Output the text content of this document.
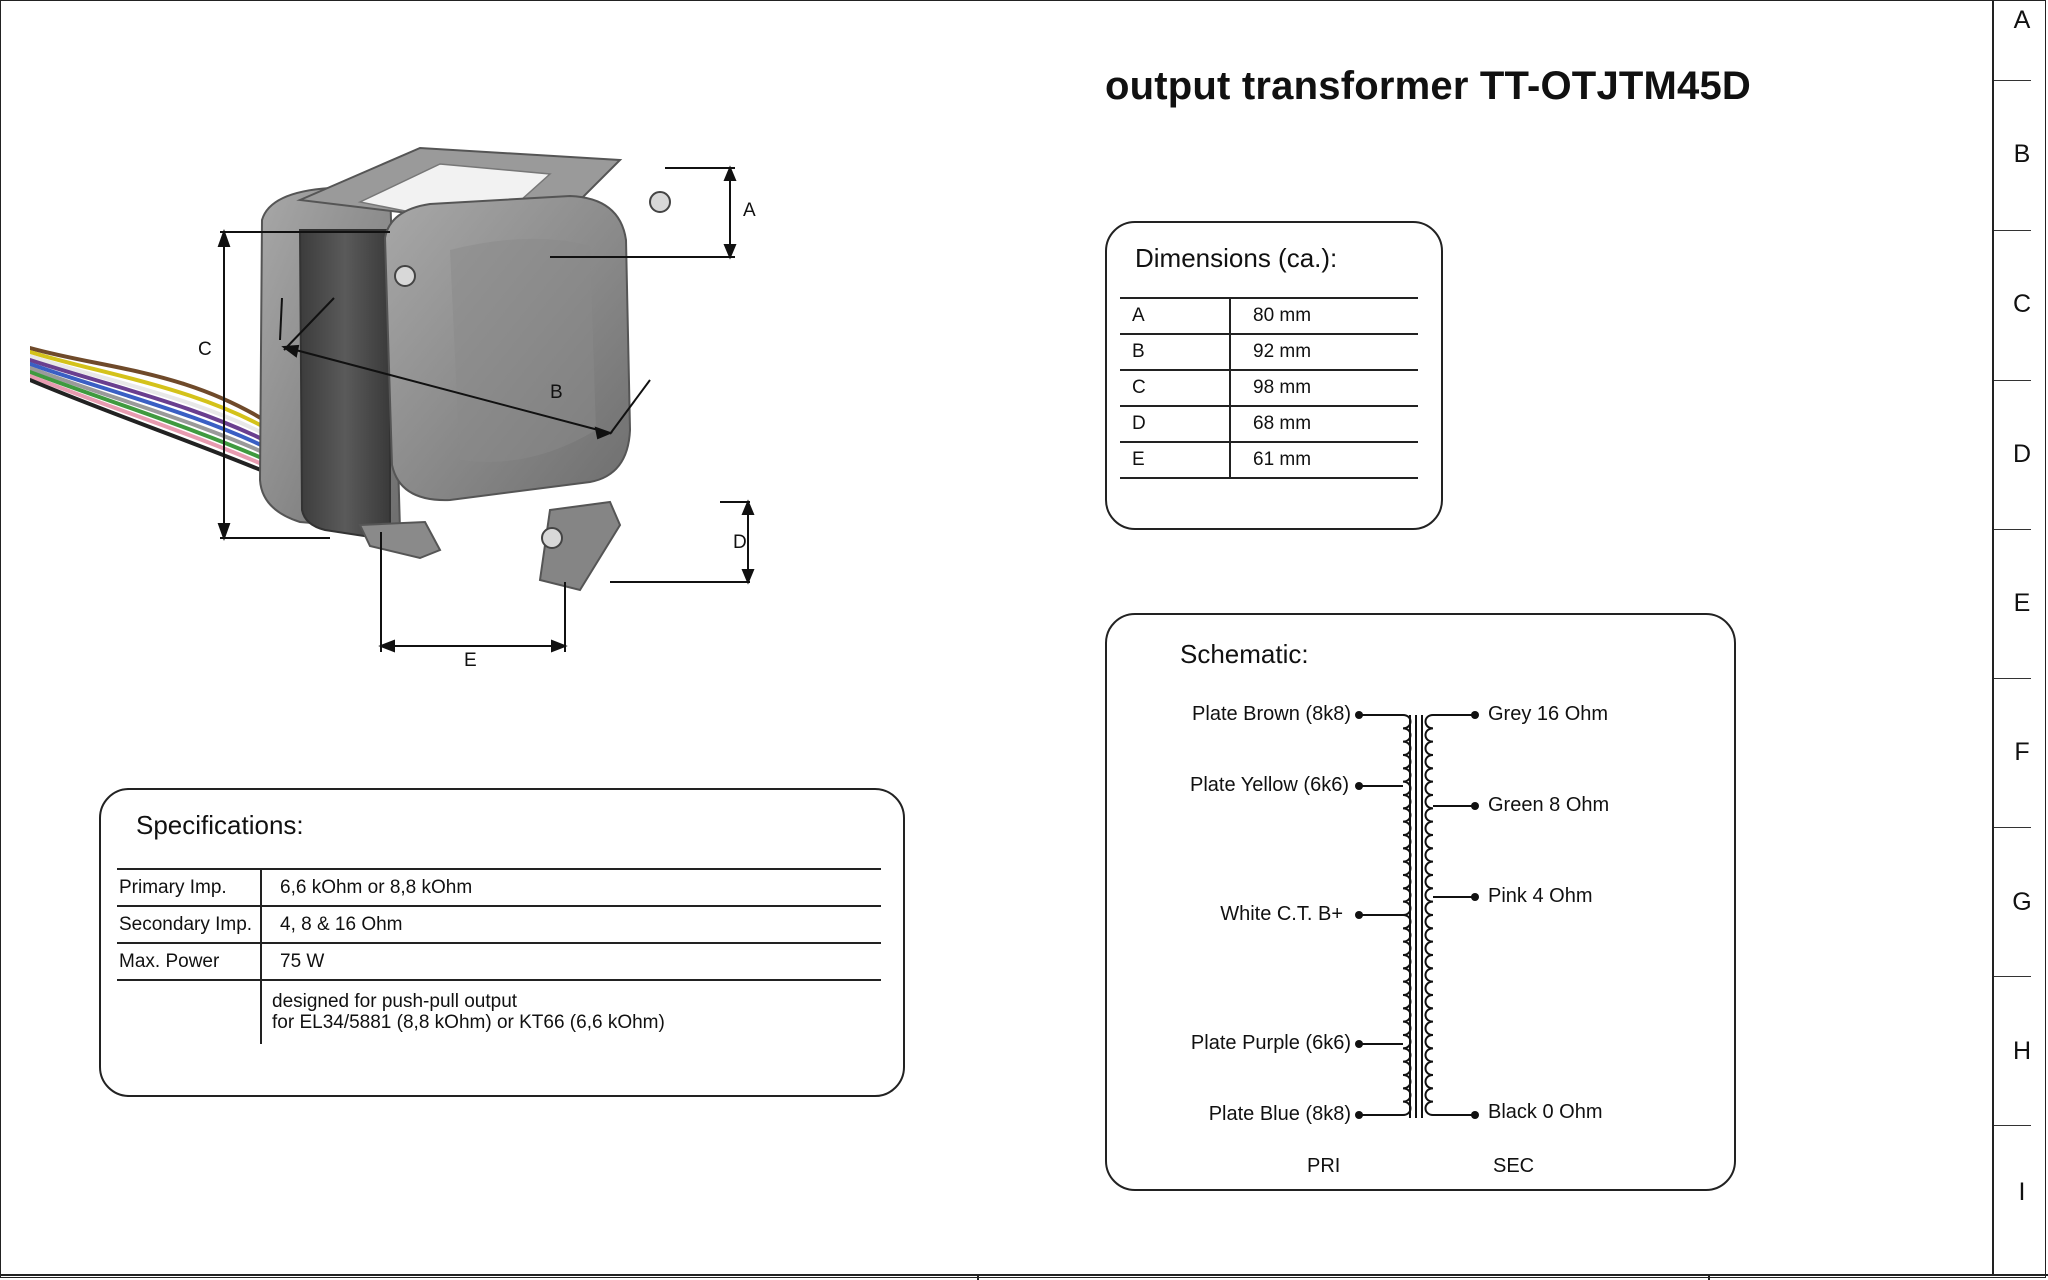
A
B
C
D
E
F
G
H
I
output transformer TT-OTJTM45D
A
B
C
D
E
Dimensions (ca.):
A	80 mm
B	92 mm
C	98 mm
D	68 mm
E	61 mm
Specifications:
Primary Imp.	6,6 kOhm or 8,8 kOhm
Secondary Imp.	4, 8 & 16 Ohm
Max. Power	75 W

	designed for push-pull output
for EL34/5881 (8,8 kOhm) or KT66 (6,6 kOhm)
Schematic:
Plate Brown (8k8)
Plate Yellow (6k6)
White C.T. B+
Plate Purple (6k6)
Plate Blue (8k8)
Grey 16 Ohm
Green 8 Ohm
Pink 4 Ohm
Black 0 Ohm
PRI	SEC
